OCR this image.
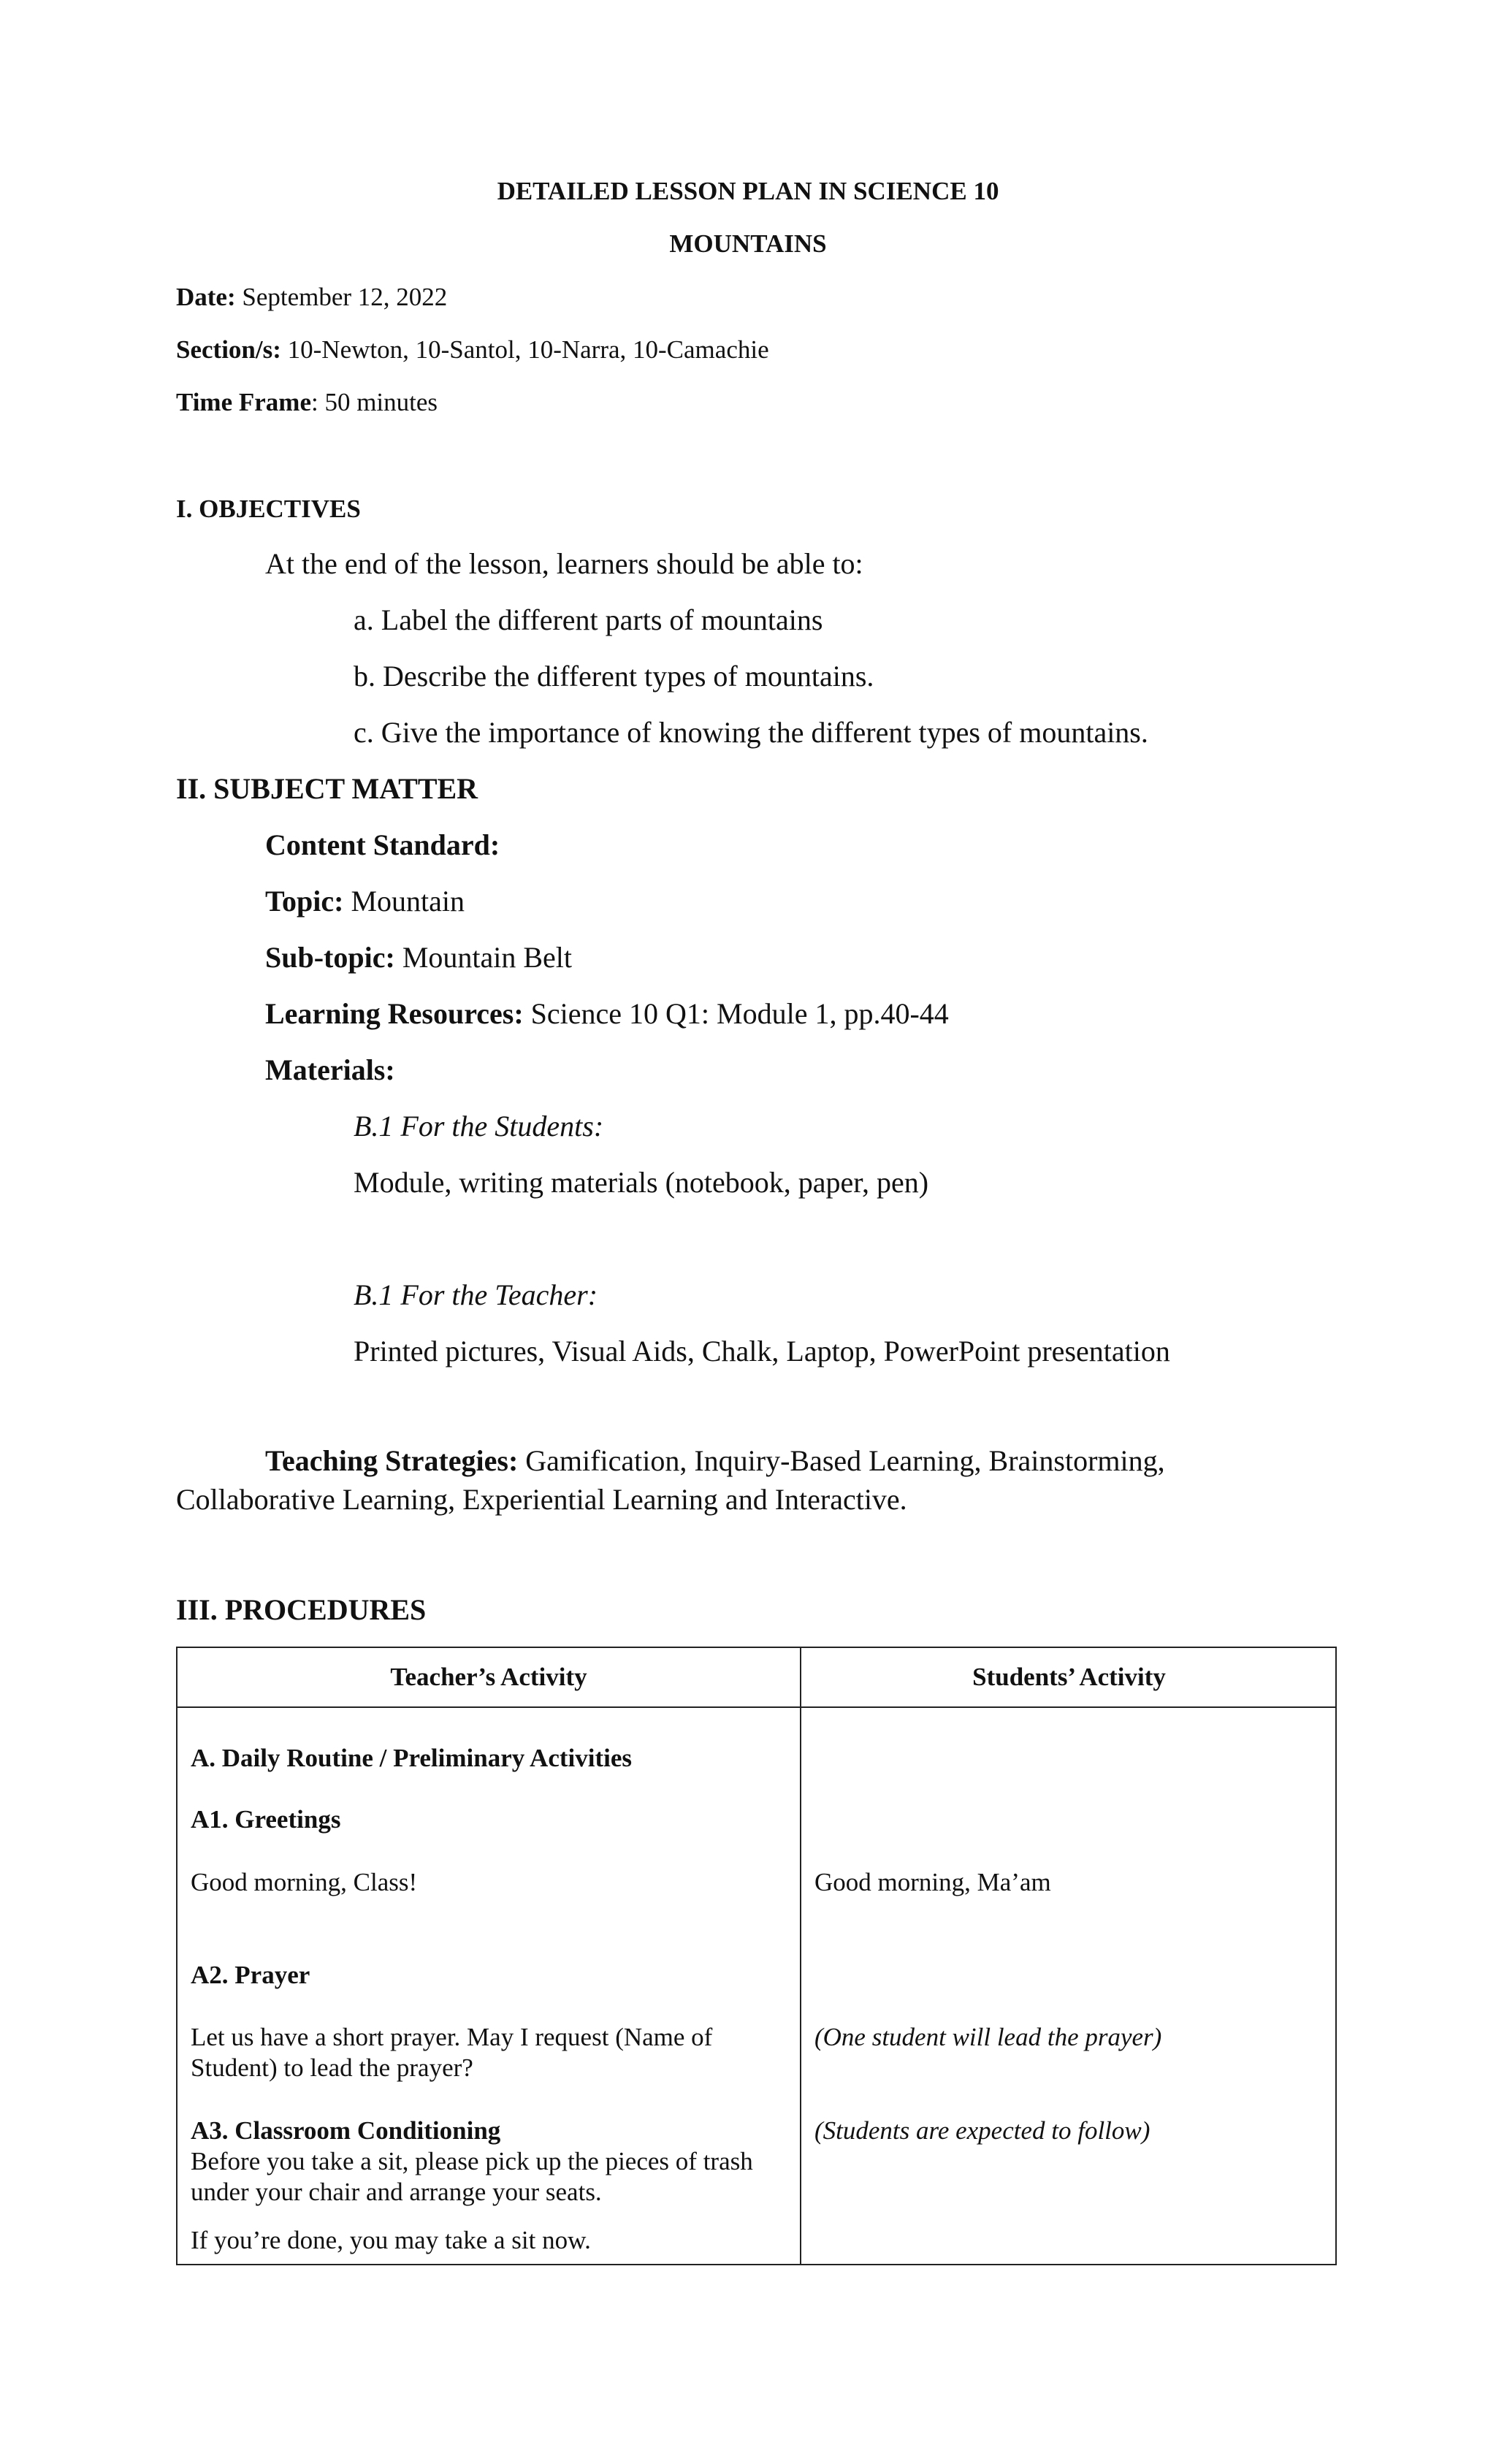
DETAILED LESSON PLAN IN SCIENCE 10
MOUNTAINS
Date: September 12, 2022
Section/s: 10-Newton, 10-Santol, 10-Narra, 10-Camachie
Time Frame: 50 minutes
I. OBJECTIVES
At the end of the lesson, learners should be able to:
a. Label the different parts of mountains
b. Describe the different types of mountains.
c. Give the importance of knowing the different types of mountains.
II. SUBJECT MATTER
Content Standard:
Topic: Mountain
Sub-topic: Mountain Belt
Learning Resources: Science 10 Q1: Module 1, pp.40-44
Materials:
B.1 For the Students:
Module, writing materials (notebook, paper, pen)
B.1 For the Teacher:
Printed pictures, Visual Aids, Chalk, Laptop, PowerPoint presentation
Teaching Strategies: Gamification, Inquiry-Based Learning, Brainstorming,
Collaborative Learning, Experiential Learning and Interactive.
III. PROCEDURES
Teacher’s Activity	Students’ Activity
A. Daily Routine / Preliminary Activities
A1. Greetings
Good morning, Class!
A2. Prayer
Let us have a short prayer. May I request (Name of
Student) to lead the prayer?
A3. Classroom Conditioning
Before you take a sit, please pick up the pieces of trash
under your chair and arrange your seats.
If you’re done, you may take a sit now.
Good morning, Ma’am
(One student will lead the prayer)
(Students are expected to follow)
